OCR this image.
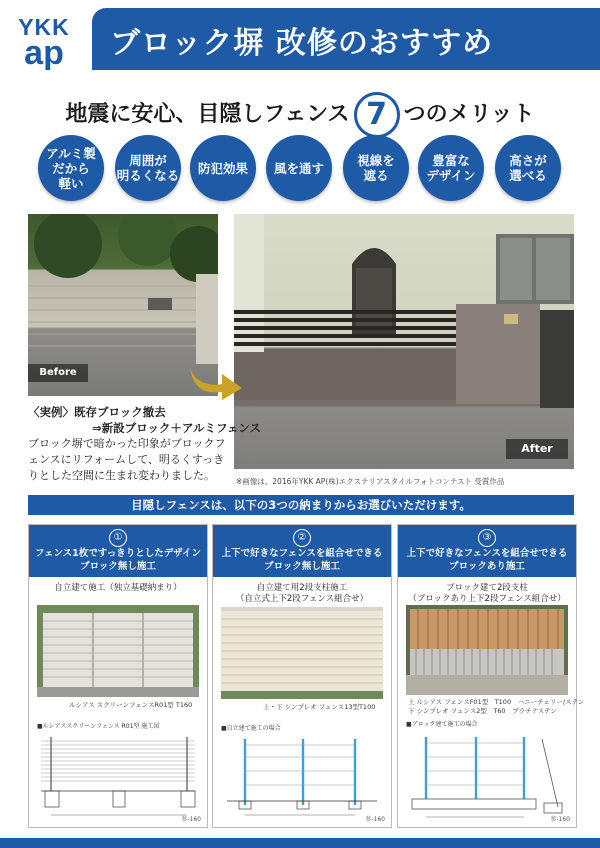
YKK
ap ブロック塀 改修のおすすめ
地震に安心、目隠しフェンス 7 つのメリット
アルミ製
だから
軽い
周囲が
明るくなる	防犯効果	風を通す	視線を
遮る
豊富な
デザイン
高さが
選べる
Before
After
〈実例〉既存ブロック撤去
⇒新設ブロック＋アルミフェンス
ブロック塀で暗かった印象がブロックフェンスにリフォームして、明るくすっきりとした空間に生まれ変わりました。	※画像は、2016年YKK AP(株)エクステリアスタイルフォトコンテスト 受賞作品
目隠しフェンスは、以下の3つの納まりからお選びいただけます。
①
フェンス1枚ですっきりとしたデザイン
ブロック無し施工
自立建て施工（独立基礎納まり）
ルシアス スクリーンフェンスR01型 T160
■ルシアススクリーンフェンス R01型 施工図
参-160
②
上下で好きなフェンスを組合せできる
ブロック無し施工
自立建て用2段支柱施工
（自立式上下2段フェンス組合せ）
上・下 シンプレオ フェンス13型T100
■自立建て施工の場合
参-160
③
上下で好きなフェンスを組合せできる
ブロックあり施工
ブロック建て2段支柱
（ブロックあり上下2段フェンス組合せ）
上 ルシアス フェンスF01型　T100　ハニーチェリー/ステン
下 シンプレオ フェンス2型　T60　プラチナステン
■ブロック建て施工の場合
参-160
